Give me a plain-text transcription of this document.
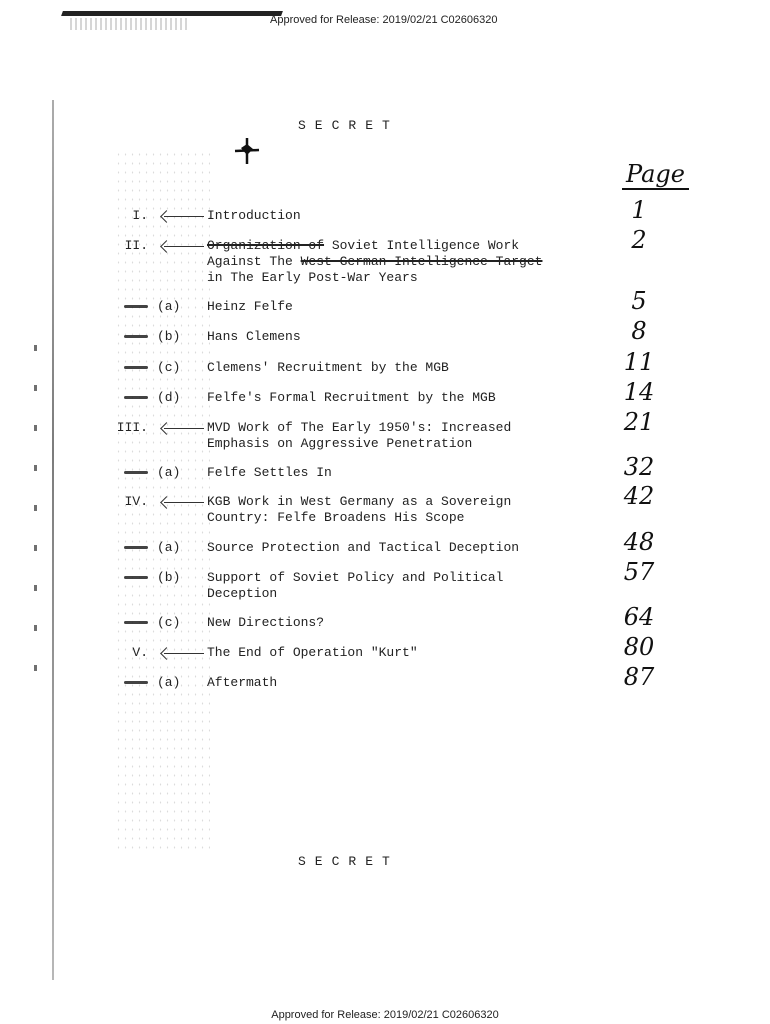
Approved for Release: 2019/02/21 C02606320
Approved for Release: 2019/02/21 C02606320
SECRET
SECRET
Page
I.	Introduction	1
II.	Organization of Soviet Intelligence Work
Against The West German Intelligence Target
in The Early Post-War Years
2
(a)	Heinz Felfe	5
(b)	Hans Clemens	8
(c)	Clemens' Recruitment by the MGB	11
(d)	Felfe's Formal Recruitment by the MGB	14
III.	MVD Work of The Early 1950's: Increased
Emphasis on Aggressive Penetration
21
(a)	Felfe Settles In	32
IV.	KGB Work in West Germany as a Sovereign
Country: Felfe Broadens His Scope
42
(a)	Source Protection and Tactical Deception	48
(b)	Support of Soviet Policy and Political
Deception
57
(c)	New Directions?	64
V.	The End of Operation "Kurt"	80
(a)	Aftermath	87
